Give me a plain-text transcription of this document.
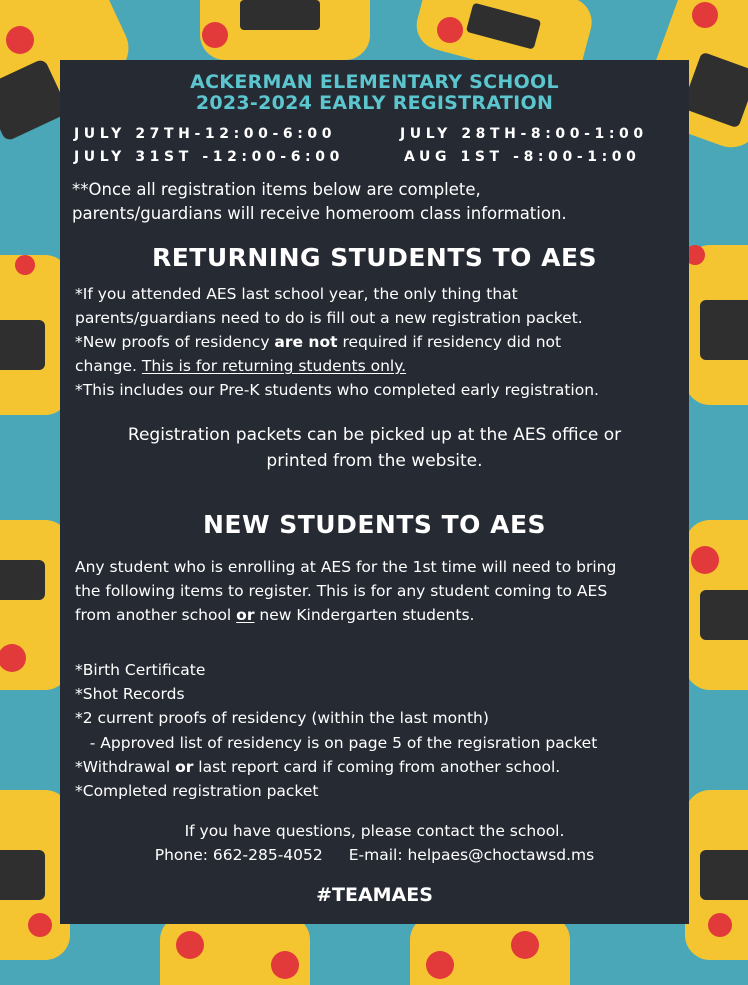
ACKERMAN ELEMENTARY SCHOOL
2023-2024 EARLY REGISTRATION
JULY 27TH-12:00-6:00	JULY 28TH-8:00-1:00
JULY 31ST -12:00-6:00	AUG 1ST -8:00-1:00
**Once all registration items below are complete,
parents/guardians will receive homeroom class information.
RETURNING STUDENTS TO AES
*If you attended AES last school year, the only thing that
parents/guardians need to do is fill out a new registration packet.
*New proofs of residency are not required if residency did not
change. This is for returning students only.
*This includes our Pre-K students who completed early registration.
Registration packets can be picked up at the AES office or
printed from the website.
NEW STUDENTS TO AES
Any student who is enrolling at AES for the 1st time will need to bring
the following items to register. This is for any student coming to AES
from another school or new Kindergarten students.
*Birth Certificate
*Shot Records
*2 current proofs of residency (within the last month)
- Approved list of residency is on page 5 of the regisration packet
*Withdrawal or last report card if coming from another school.
*Completed registration packet
If you have questions, please contact the school.
Phone: 662-285-4052 E-mail: helpaes@choctawsd.ms
#TEAMAES
